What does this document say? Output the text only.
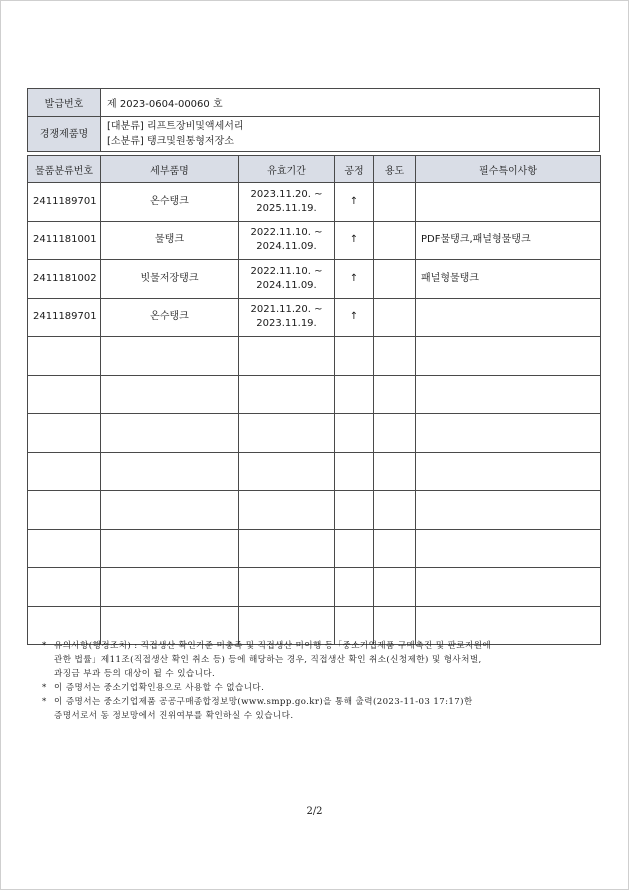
발급번호	제 2023-0604-00060 호
경쟁제품명	[대분류] 리프트장비및액세서리
[소분류] 탱크및원통형저장소
물품분류번호	세부품명	유효기간	공정	용도	필수특이사항
2411189701	온수탱크	2023.11.20. ~
2025.11.19.	↑		
2411181001	물탱크	2022.11.10. ~
2024.11.09.	↑		PDF물탱크,패널형물탱크
2411181002	빗물저장탱크	2022.11.10. ~
2024.11.09.	↑		패널형물탱크
2411189701	온수탱크	2021.11.20. ~
2023.11.19.	↑		

* 유의사항(행정조치) : 직접생산 확인기준 미충족 및 직접생산 미이행 등「중소기업제품 구매촉진 및 판로지원에
관한 법률」제11조(직접생산 확인 취소 등) 등에 해당하는 경우, 직접생산 확인 취소(신청제한) 및 형사처벌,
과징금 부과 등의 대상이 될 수 있습니다.
* 이 증명서는 중소기업확인용으로 사용할 수 없습니다.
* 이 증명서는 중소기업제품 공공구매종합정보망(www.smpp.go.kr)을 통해 출력(2023-11-03 17:17)한
증명서로서 동 정보망에서 진위여부를 확인하실 수 있습니다.
2/2
